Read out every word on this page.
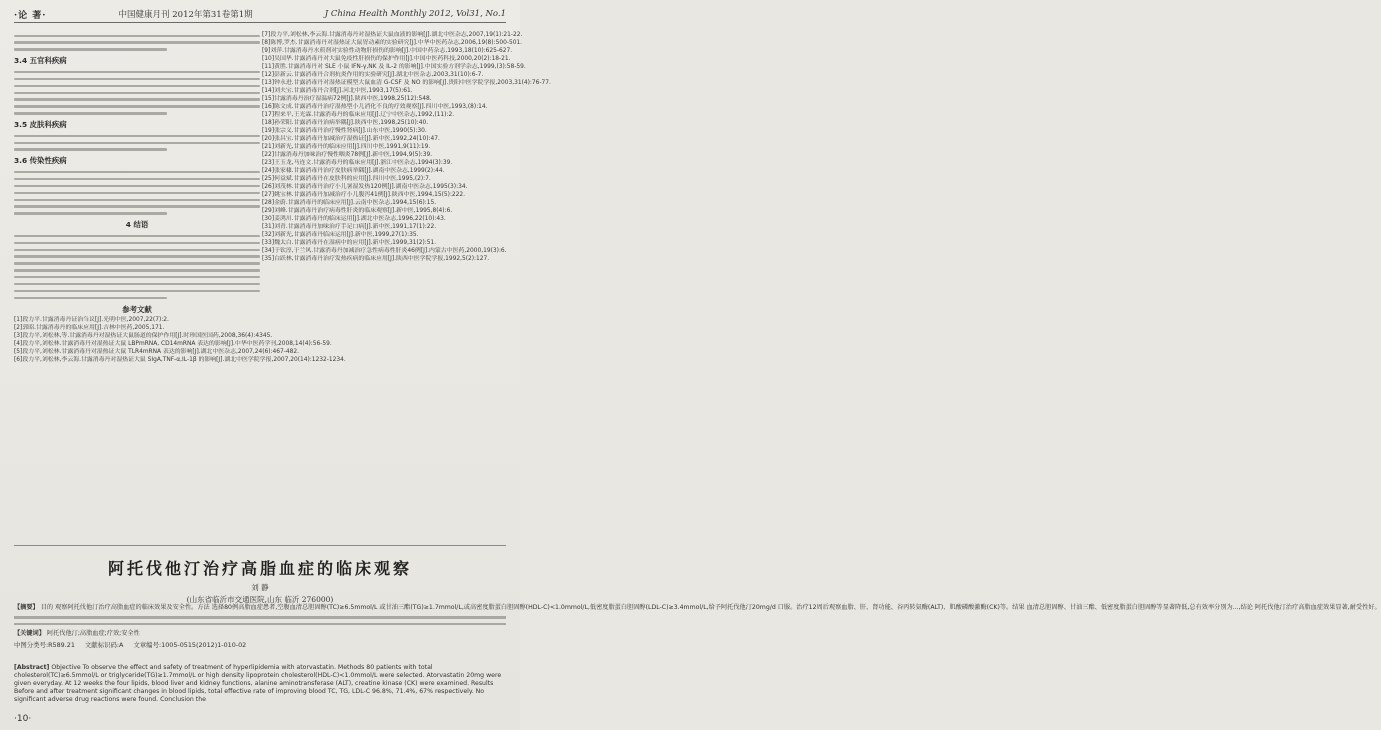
·论 著·	中国健康月刊 2012年第31卷第1期	J China Health Monthly 2012, Vol31, No.1
3.4 五官科疾病
3.5 皮肤科疾病
3.6 传染性疾病
4 结语
参考文献
[1]段力平.甘露消毒丹证治刍议[J].光明中医,2007,22(7):2.
[2]郭昭.甘露消毒丹的临床应用[J].吉林中医药,2005,171.
[3]段力平,刘松林,等.甘露消毒丹对湿热证大鼠肠道的保护作用[J].时珍国医国药,2008,36(4):4345.
[4]段力平,刘松林.甘露消毒丹对湿热证大鼠 LBPmRNA, CD14mRNA 表达的影响[J].中华中医药学刊,2008,14(4):56-59.
[5]段力平,刘松林.甘露消毒丹对湿热证大鼠 TLR4mRNA 表达的影响[J].湖北中医杂志,2007,24(6):467-482.
[6]段力平,刘松林,李云海.甘露消毒丹对湿热证大鼠 SIgA,TNF-α,IL-1β 的影响[J].湖北中医学院学报,2007,20(14):1232-1234.
[7]段力平,刘松林,李云海.甘露消毒丹对湿热证大鼠血液的影响[J].湖北中医杂志,2007,19(1):21-22.
[8]陈博,罗杰.甘露消毒丹对湿热证大鼠胃动素的实验研究[J].中华中医药杂志,2006,19(8):500-501.
[9]刘萍.甘露消毒丹水煎剂对实验性动物肝损伤的影响[J].中国中药杂志,1993,18(10):625-627.
[10]吴国华.甘露消毒丹对大鼠免疫性肝损伤的保护作用[J].中国中医药科技,2000,20(2):18-21.
[11]黄胜.甘露消毒丹对 SLE 小鼠 IFN-γ,NK 及 IL-2 的影响[J].中国实验方剂学杂志,1999,(3):58-59.
[12]彭新云.甘露消毒丹合剂抗炎作用的实验研究[J].湖北中医杂志,2003,31(10):6-7.
[13]钟永进.甘露消毒丹对湿热证模型大鼠血清 G-CSF 及 NO 的影响[J].贵阳中医学院学报,2003,31(4):76-77.
[14]刘夫宝.甘露消毒丹合剂[J].河北中医,1993,17(5):61.
[15]甘露消毒丹治疗湿温病72例[J].陕西中医,1998,25(12):548.
[16]陈文成.甘露消毒丹治疗湿热型小儿消化不良的疗效观察[J].四川中医,1993,(8):14.
[17]程来平,王光霖.甘露消毒丹的临床应用[J].辽宁中医杂志,1992,(11):2.
[18]孙荣阳.甘露消毒丹治病举隅[J].陕西中医,1998,25(10):40.
[19]张宗义.甘露消毒丹治疗慢性肾病[J].山东中医,1990(5):30.
[20]张昌宝.甘露消毒丹加减治疗湿热证[J].新中医,1992,24(10):47.
[21]刘新光,甘露消毒丹的临床应用[J].四川中医,1991,9(11):19.
[22]甘露消毒丹加味治疗慢性咽炎78例[J].新中医,1994,9(5):39.
[23]王玉龙,马连文.甘露消毒丹的临床应用[J].浙江中医杂志,1994(3):39.
[24]张家棣.甘露消毒丹治疗皮肤病举隅[J].湖南中医杂志,1999(2):44.
[25]何益斌.甘露消毒丹在皮肤科的应用[J].四川中医,1995,(2):7.
[26]刘茂林.甘露消毒丹治疗小儿暑湿发热120例[J].湖南中医杂志,1995(3):34.
[27]姚宝林.甘露消毒丹加减治疗小儿腹泻41例[J].陕西中医,1994,15(5):222.
[28]金蔚.甘露消毒丹的临床应用[J].云南中医杂志,1994,15(6):15.
[29]刘峰.甘露消毒丹治疗病毒性肝炎的临床观察[J].新中医,1995,8(4):6.
[30]姜鸿川.甘露消毒丹的临床运用[J].湖北中医杂志,1996,22(10):43.
[31]刘青.甘露消毒丹加味治疗手足口病[J].新中医,1991,17(1):22.
[32]刘新光,甘露消毒丹临床运用[J].新中医,1999,27(1):35.
[33]魏太白.甘露消毒丹在湿病中的应用[J].新中医,1999,31(2):51.
[34]于钦淳,于兰风.甘露消毒丹加减治疗急性病毒性肝炎46例[J].内蒙古中医药,2000,19(3):6.
[35]白跃林,甘露消毒丹治疗发热疾病的临床应用[J].陕西中医学院学报,1992,5(2):127.
阿托伐他汀治疗高脂血症的临床观察
刘 静
(山东省临沂市交通医院,山东 临沂 276000)
【摘要】 目的 观察阿托伐他汀治疗高脂血症的临床效果及安全性。方法 选择80例高脂血症患者,空腹血清总胆固醇(TC)≥6.5mmol/L 或甘油三酯(TG)≥1.7mmol/L,或高密度脂蛋白胆固醇(HDL-C)<1.0mmol/L,低密度脂蛋白胆固醇(LDL-C)≥3.4mmol/L,给予阿托伐他汀20mg/d 口服。治疗12周后观察血脂、肝、肾功能、谷丙转氨酶(ALT)、肌酸磷酸激酶(CK)等。结果 血清总胆固醇、甘油三酯、低密度脂蛋白胆固醇等显著降低,总有效率分别为...,结论 阿托伐他汀治疗高脂血症效果显著,耐受性好。
【关键词】 阿托伐他汀;高脂血症;疗效;安全性
中图分类号:R589.21 文献标识码:A 文章编号:1005-0515(2012)1-010-02
[Abstract] Objective To observe the effect and safety of treatment of hyperlipidemia with atorvastatin. Methods 80 patients with total cholesterol(TC)≥6.5mmol/L or triglyceride(TG)≥1.7mmol/L or high density lipoprotein cholesterol(HDL-C)<1.0mmol/L were selected. Atorvastatin 20mg were given everyday. At 12 weeks the four lipids, blood liver and kidney functions, alanine aminotransferase (ALT), creatine kinase (CK) were examined. Results Before and after treatment significant changes in blood lipids, total effective rate of improving blood TC, TG, LDL-C 96.8%, 71.4%, 67% respectively. No significant adverse drug reactions were found. Conclusion the
·10·
